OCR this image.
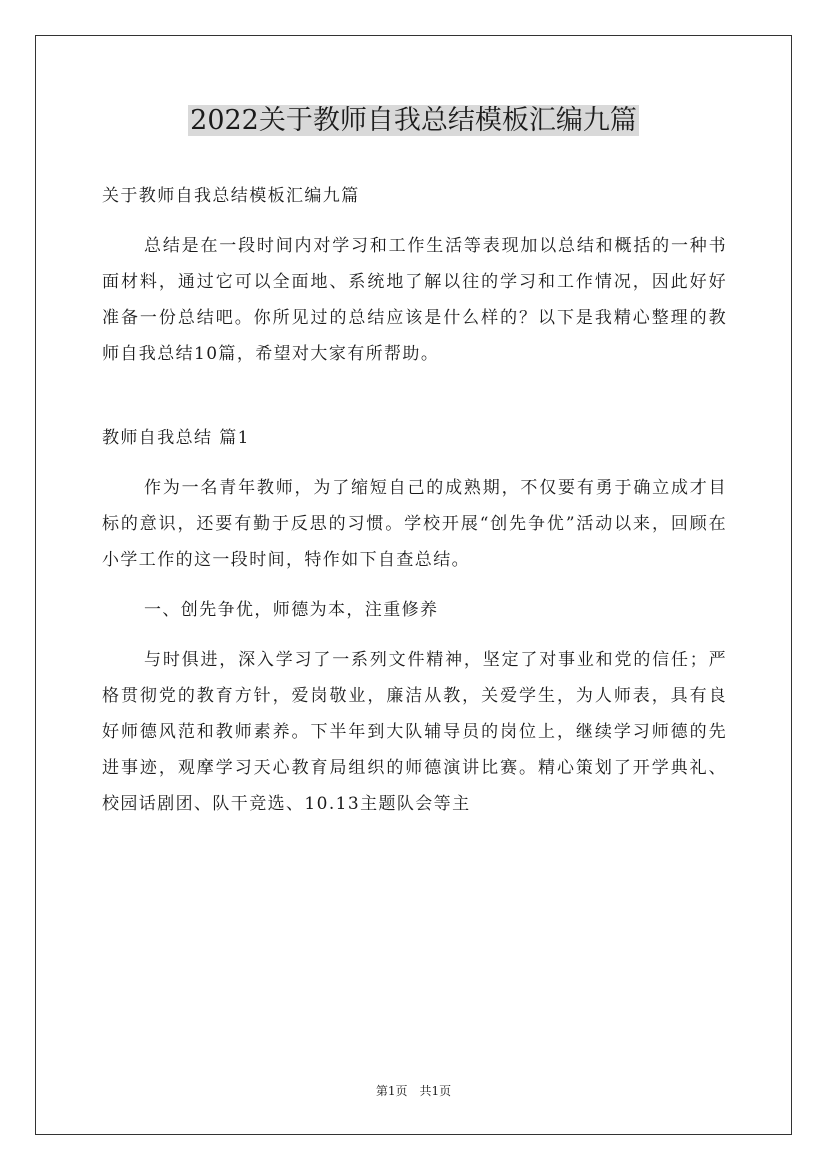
2022关于教师自我总结模板汇编九篇

关于教师自我总结模板汇编九篇

总结是在一段时间内对学习和工作生活等表现加以总结和概括的一种书面材料，通过它可以全面地、系统地了解以往的学习和工作情况，因此好好准备一份总结吧。你所见过的总结应该是什么样的？以下是我精心整理的教师自我总结10篇，希望对大家有所帮助。

教师自我总结 篇1

作为一名青年教师，为了缩短自己的成熟期，不仅要有勇于确立成才目标的意识，还要有勤于反思的习惯。学校开展“创先争优”活动以来，回顾在小学工作的这一段时间，特作如下自查总结。

一、创先争优，师德为本，注重修养

与时俱进，深入学习了一系列文件精神，坚定了对事业和党的信任；严格贯彻党的教育方针，爱岗敬业，廉洁从教，关爱学生，为人师表，具有良好师德风范和教师素养。下半年到大队辅导员的岗位上，继续学习师德的先进事迹，观摩学习天心教育局组织的师德演讲比赛。精心策划了开学典礼、校园话剧团、队干竞选、10.13主题队会等主

第1页　共1页
